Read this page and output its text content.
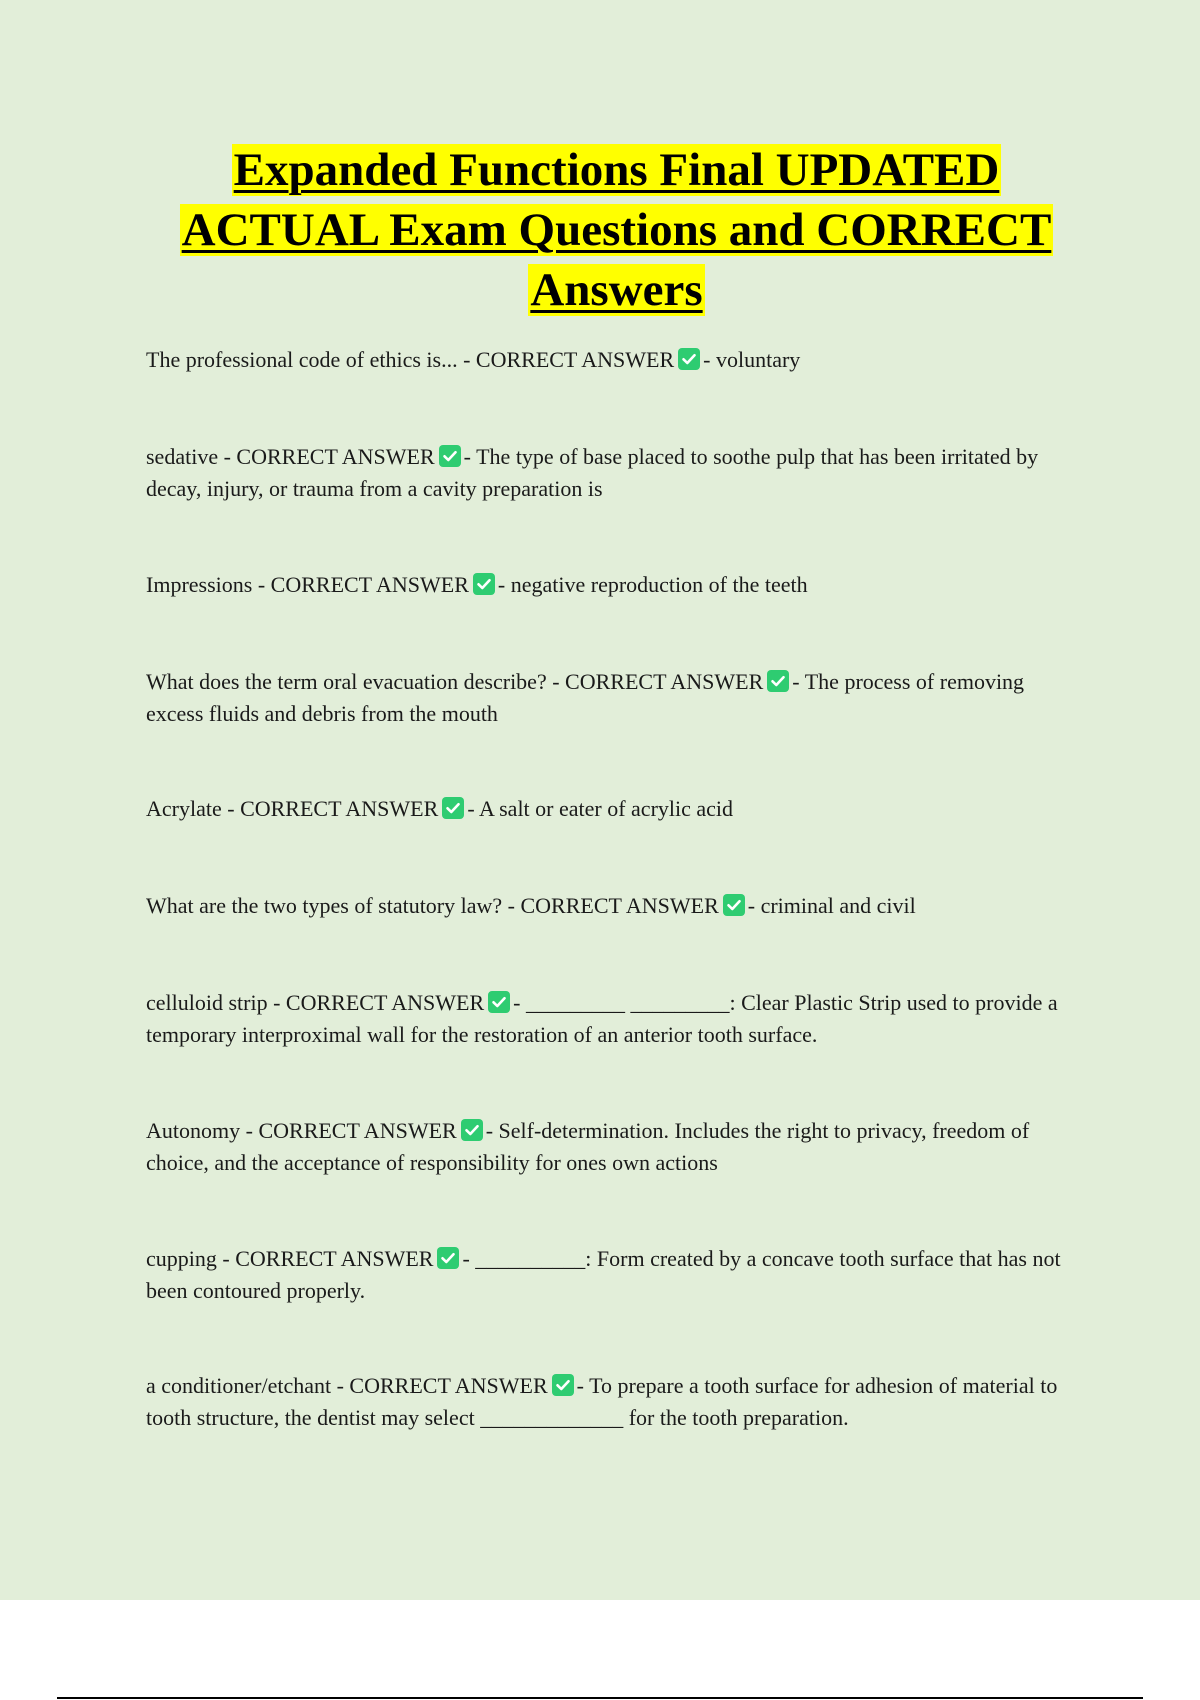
Expanded Functions Final UPDATED
ACTUAL Exam Questions and CORRECT
Answers
The professional code of ethics is... - CORRECT ANSWER - voluntary
sedative - CORRECT ANSWER - The type of base placed to soothe pulp that has been irritated by decay, injury, or trauma from a cavity preparation is
Impressions - CORRECT ANSWER - negative reproduction of the teeth
What does the term oral evacuation describe? - CORRECT ANSWER - The process of removing excess fluids and debris from the mouth
Acrylate - CORRECT ANSWER - A salt or eater of acrylic acid
What are the two types of statutory law? - CORRECT ANSWER - criminal and civil
celluloid strip - CORRECT ANSWER - _________ _________: Clear Plastic Strip used to provide a temporary interproximal wall for the restoration of an anterior tooth surface.
Autonomy - CORRECT ANSWER - Self-determination. Includes the right to privacy, freedom of choice, and the acceptance of responsibility for ones own actions
cupping - CORRECT ANSWER - __________: Form created by a concave tooth surface that has not been contoured properly.
a conditioner/etchant - CORRECT ANSWER - To prepare a tooth surface for adhesion of material to tooth structure, the dentist may select _____________ for the tooth preparation.
